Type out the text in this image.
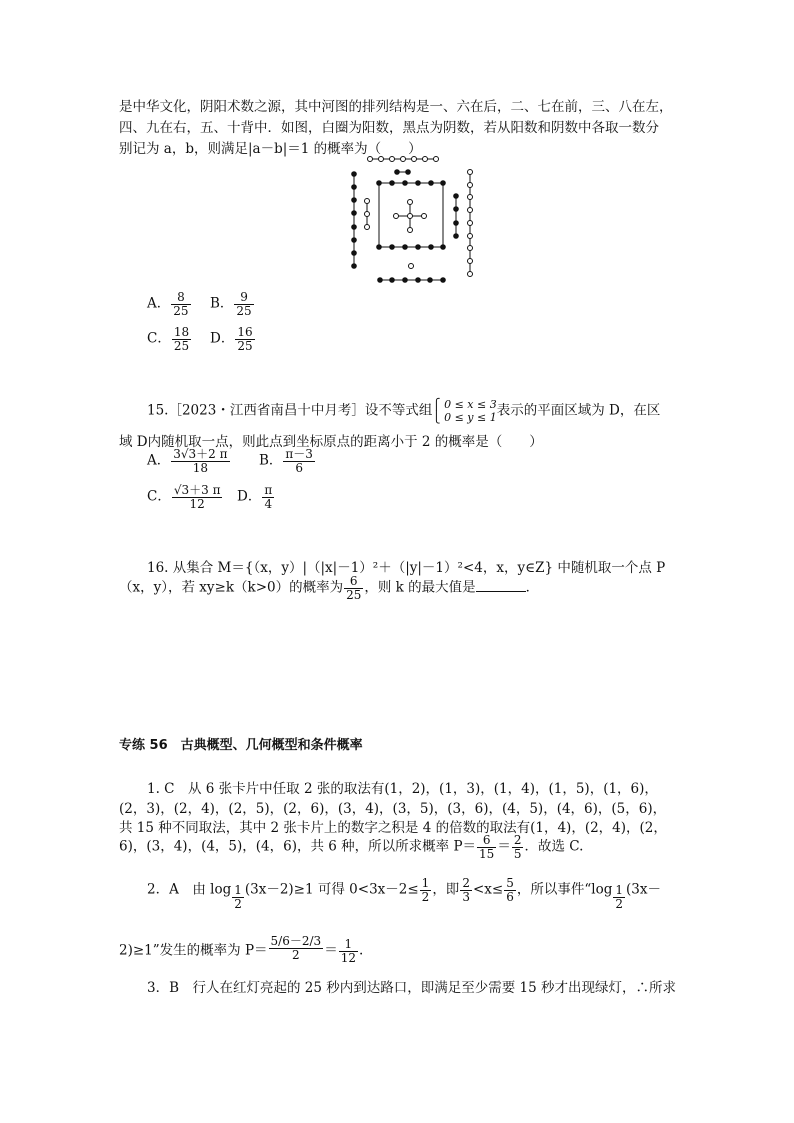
是中华文化，阴阳术数之源，其中河图的排列结构是一、六在后，二、七在前，三、八在左，
四、九在右，五、十背中．如图，白圈为阳数，黑点为阴数，若从阳数和阴数中各取一数分
别记为 a，b，则满足|a－b|＝1 的概率为（　　）
A． $\frac{8}{25}$ B． $\frac{9}{25}$
C． $\frac{18}{25}$ D． $\frac{16}{25}$
15.［2023・江西省南昌十中月考］设不等式组⎧ 0 ≤ x ≤ 3
⎩ 0 ≤ y ≤ 1表示的平面区域为 D，在区
域 D内随机取一点，则此点到坐标原点的距离小于 2 的概率是（　　）
A． $\frac{3√3+2 \pi}{18}$ B． $\frac{\pi-3}{6}$
C． $\frac{√3+3 \pi}{12}$ D． $\frac{\pi}{4}$
16. 从集合 M＝{（x，y）|（|x|－1）²＋（|y|－1）²<4，x，y∈Z} 中随机取一个点 P
（x，y），若 xy≥k（k>0）的概率为 $\frac{6}{25}$ ，则 k 的最大值是	．
专练 56　古典概型、几何概型和条件概率
1. C　从 6 张卡片中任取 2 张的取法有(1，2)，(1，3)，(1，4)，(1，5)，(1，6)，
(2，3)，(2，4)，(2，5)，(2，6)，(3，4)，(3，5)，(3，6)，(4，5)，(4，6)，(5，6)，
共 15 种不同取法，其中 2 张卡片上的数字之积是 4 的倍数的取法有(1，4)，(2，4)，(2，
6)，(3，4)，(4，5)，(4，6)，共 6 种，所以所求概率 $P= \frac{6}{15} = \frac{2}{5}$ ．故选 C.
2．A　由 $\log \frac{1}{2} (3x-2)\ge 1$ 可得 $0<3x-2\le \frac{1}{2}$ ，即 $\frac{2}{3} <x\le \frac{5}{6}$ ，所以事件“$\log \frac{1}{2} (3x-$
2)≥1”发生的概率为 $P= \frac{5/6-2/3}{2} = \frac{1}{12}$ .
3．B　行人在红灯亮起的 25 秒内到达路口，即满足至少需要 15 秒才出现绿灯，∴所求
